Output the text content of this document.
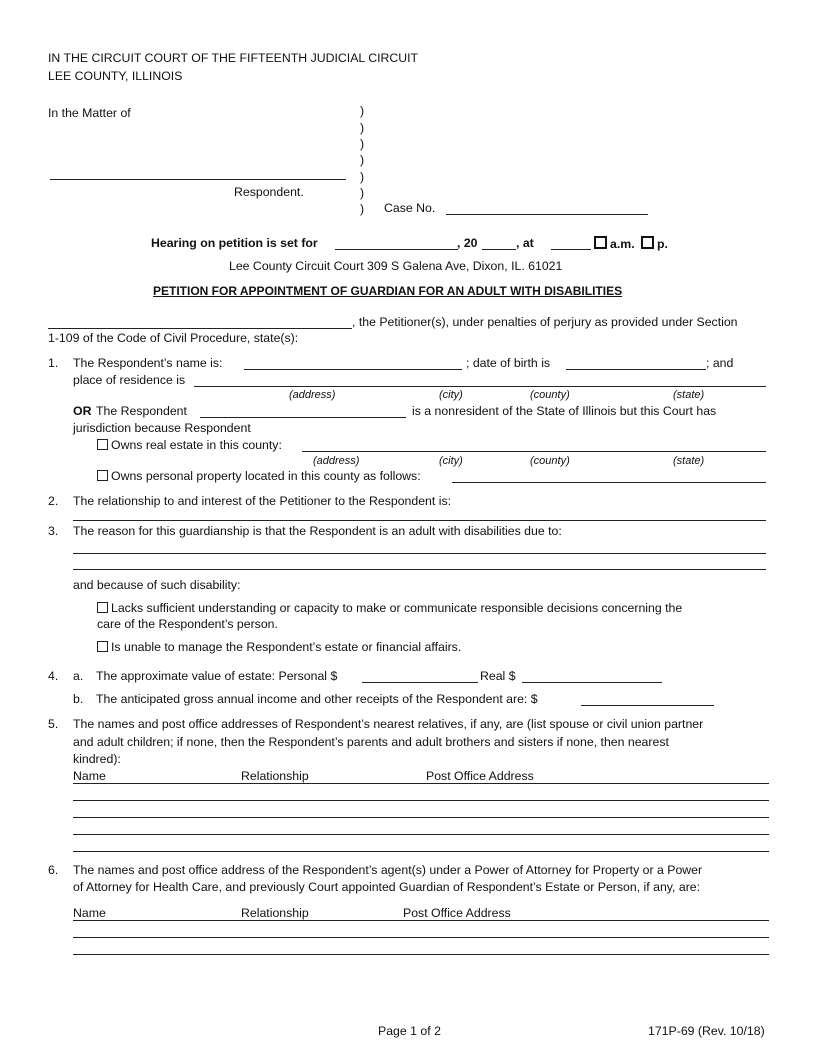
IN THE CIRCUIT COURT OF THE FIFTEENTH JUDICIAL CIRCUIT
LEE COUNTY, ILLINOIS
In the Matter of	)
)
)
)
)
)
)
Respondent.
Case No.
Hearing on petition is set for	, 20	, at	a.m. p.
Lee County Circuit Court 309 S Galena Ave, Dixon, IL. 61021
PETITION FOR APPOINTMENT OF GUARDIAN FOR AN ADULT WITH DISABILITIES
, the Petitioner(s), under penalties of perjury as provided under Section
1-109 of the Code of Civil Procedure, state(s):
1. The Respondent’s name is:	; date of birth is	; and
place of residence is
(address)	(city)	(county)	(state)
OR The Respondent	is a nonresident of the State of Illinois but this Court has
jurisdiction because Respondent
Owns real estate in this county:
(address)	(city)	(county)	(state)
Owns personal property located in this county as follows:
2. The relationship to and interest of the Petitioner to the Respondent is:
3. The reason for this guardianship is that the Respondent is an adult with disabilities due to:
and because of such disability:
Lacks sufficient understanding or capacity to make or communicate responsible decisions concerning the
care of the Respondent’s person.
Is unable to manage the Respondent’s estate or financial affairs.
4. a. The approximate value of estate: Personal $	Real $
b. The anticipated gross annual income and other receipts of the Respondent are: $
5. The names and post office addresses of Respondent’s nearest relatives, if any, are (list spouse or civil union partner
and adult children; if none, then the Respondent’s parents and adult brothers and sisters if none, then nearest
kindred):
Name	Relationship	Post Office Address
6. The names and post office address of the Respondent’s agent(s) under a Power of Attorney for Property or a Power
of Attorney for Health Care, and previously Court appointed Guardian of Respondent’s Estate or Person, if any, are:
Name	Relationship	Post Office Address
Page 1 of 2	171P-69 (Rev. 10/18)
